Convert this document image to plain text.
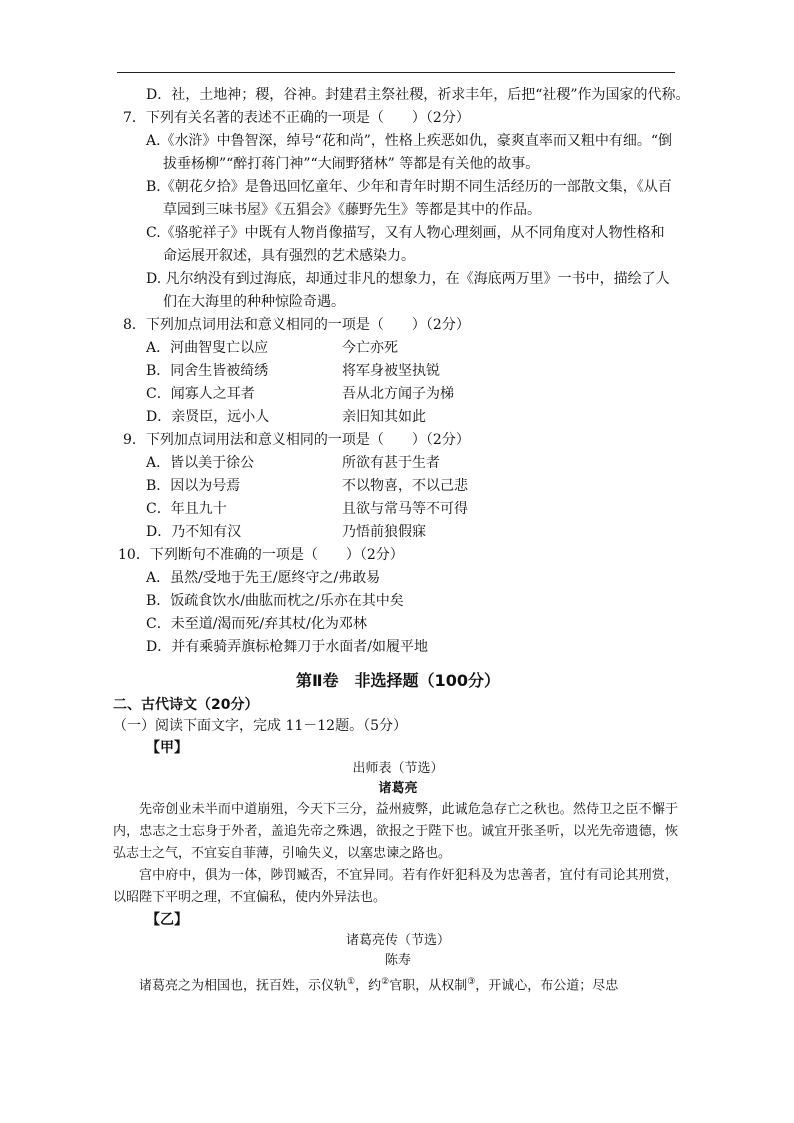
D．社，土地神；稷，谷神。封建君主祭社稷，祈求丰年，后把“社稷”作为国家的代称。
7．下列有关名著的表述不正确的一项是（　　）（2分）
A.《水浒》中鲁智深，绰号“花和尚”，性格上疾恶如仇，豪爽直率而又粗中有细。“倒
拔垂杨柳”“醉打蒋门神”“大闹野猪林” 等都是有关他的故事。
B.《朝花夕拾》是鲁迅回忆童年、少年和青年时期不同生活经历的一部散文集，《从百
草园到三味书屋》《五猖会》《藤野先生》等都是其中的作品。
C.《骆驼祥子》中既有人物肖像描写，又有人物心理刻画，从不同角度对人物性格和
命运展开叙述，具有强烈的艺术感染力。
D. 凡尔纳没有到过海底，却通过非凡的想象力，在《海底两万里》一书中，描绘了人
们在大海里的种种惊险奇遇。
8．下列加点词用法和意义相同的一项是（　　）（2分）
A．河曲智叟亡以应	今亡亦死
B．同舍生皆被绮绣	将军身被坚执锐
C．闻寡人之耳者	吾从北方闻子为梯
D．亲贤臣，远小人	亲旧知其如此
9．下列加点词用法和意义相同的一项是（　　）（2分）
A．皆以美于徐公	所欲有甚于生者
B．因以为号焉	不以物喜，不以己悲
C．年且九十	且欲与常马等不可得
D．乃不知有汉	乃悟前狼假寐
10．下列断句不准确的一项是（　　）（2分）
A．虽然/受地于先王/愿终守之/弗敢易
B．饭疏食饮水/曲肱而枕之/乐亦在其中矣
C．未至道/渴而死/弃其杖/化为邓林
D．并有乘骑弄旗标枪舞刀于水面者/如履平地
第Ⅱ卷　非选择题（100分）
二、古代诗文（20分）
（一）阅读下面文字，完成 11－12题。（5分）
【甲】
出师表（节选）
诸葛亮
先帝创业未半而中道崩殂，今天下三分，益州疲弊，此诚危急存亡之秋也。然侍卫之臣不懈于内，忠志之士忘身于外者，盖追先帝之殊遇，欲报之于陛下也。诚宜开张圣听，以光先帝遗德，恢弘志士之气，不宜妄自菲薄，引喻失义，以塞忠谏之路也。
宫中府中，俱为一体，陟罚臧否，不宜异同。若有作奸犯科及为忠善者，宜付有司论其刑赏，以昭陛下平明之理，不宜偏私，使内外异法也。
【乙】
诸葛亮传（节选）
陈寿
诸葛亮之为相国也，抚百姓，示仪轨①，约②官职，从权制③，开诚心，布公道；尽忠
